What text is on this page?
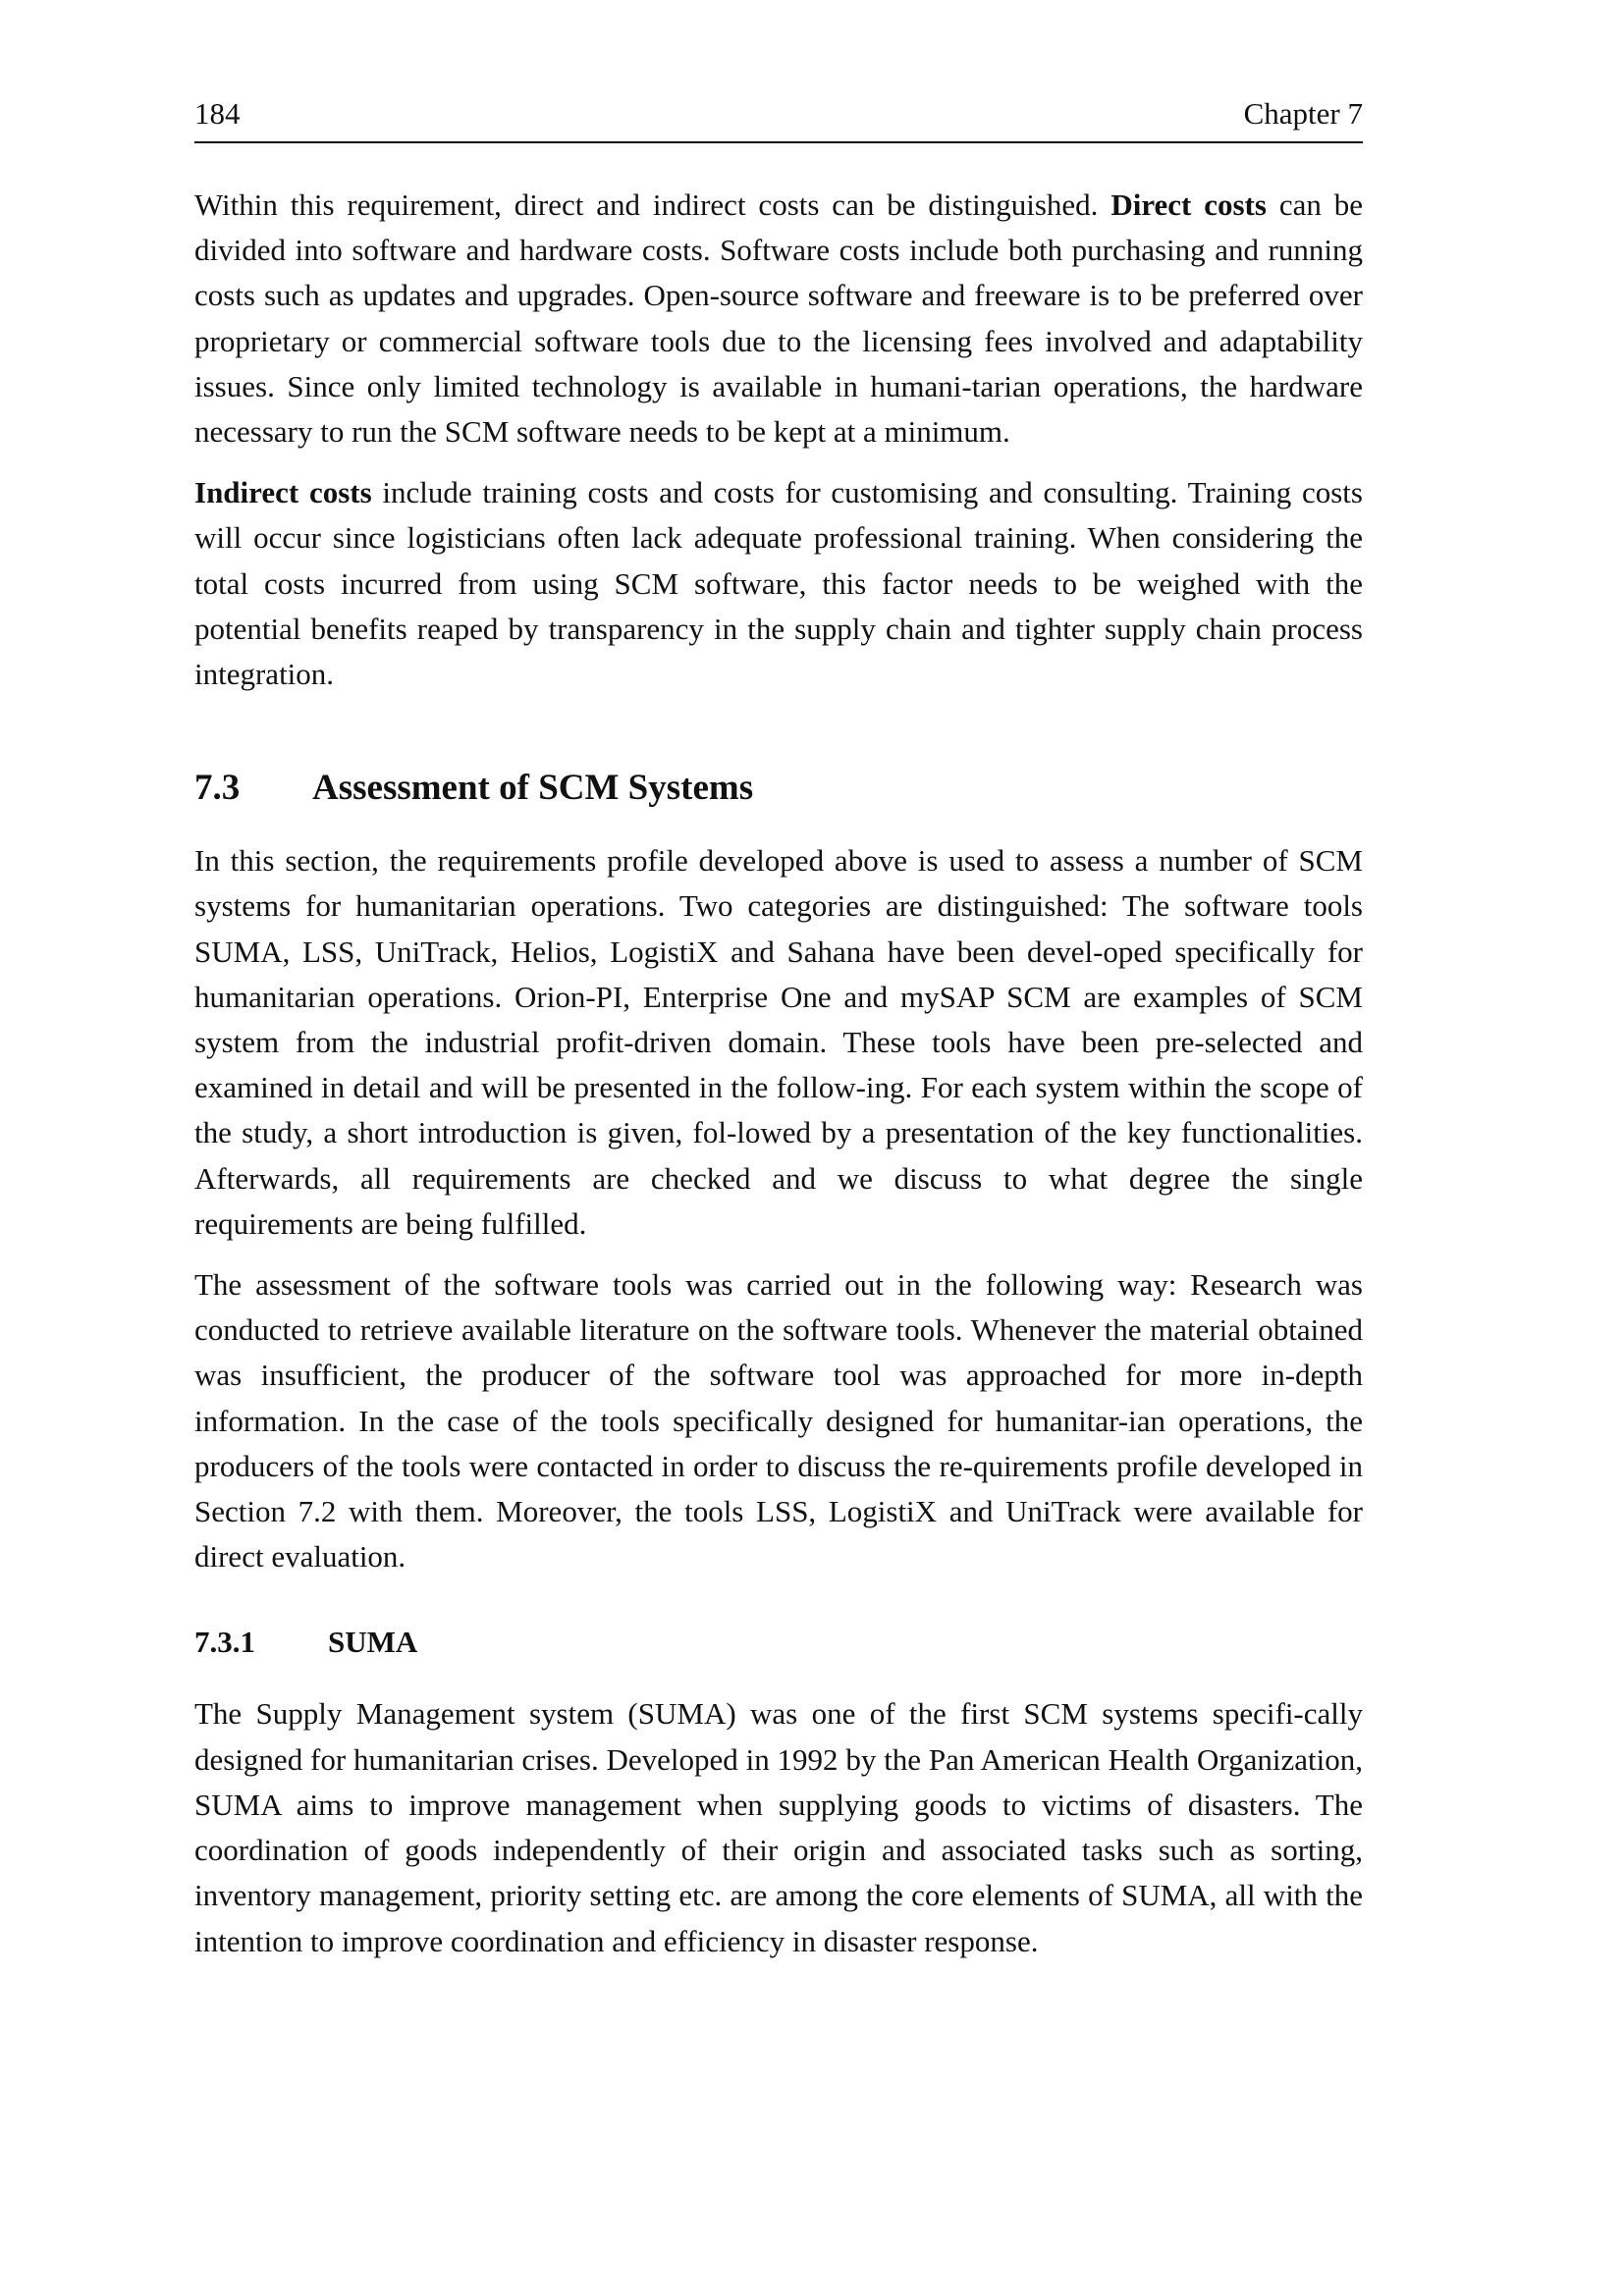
184	Chapter 7

Within this requirement, direct and indirect costs can be distinguished. Direct costs can be divided into software and hardware costs. Software costs include both purchasing and running costs such as updates and upgrades. Open-source software and freeware is to be preferred over proprietary or commercial software tools due to the licensing fees involved and adaptability issues. Since only limited technology is available in humani-tarian operations, the hardware necessary to run the SCM software needs to be kept at a minimum.

Indirect costs include training costs and costs for customising and consulting. Training costs will occur since logisticians often lack adequate professional training. When considering the total costs incurred from using SCM software, this factor needs to be weighed with the potential benefits reaped by transparency in the supply chain and tighter supply chain process integration.

7.3	Assessment of SCM Systems

In this section, the requirements profile developed above is used to assess a number of SCM systems for humanitarian operations. Two categories are distinguished: The software tools SUMA, LSS, UniTrack, Helios, LogistiX and Sahana have been devel-oped specifically for humanitarian operations. Orion-PI, Enterprise One and mySAP SCM are examples of SCM system from the industrial profit-driven domain. These tools have been pre-selected and examined in detail and will be presented in the follow-ing. For each system within the scope of the study, a short introduction is given, fol-lowed by a presentation of the key functionalities. Afterwards, all requirements are checked and we discuss to what degree the single requirements are being fulfilled.

The assessment of the software tools was carried out in the following way: Research was conducted to retrieve available literature on the software tools. Whenever the material obtained was insufficient, the producer of the software tool was approached for more in-depth information. In the case of the tools specifically designed for humanitar-ian operations, the producers of the tools were contacted in order to discuss the re-quirements profile developed in Section 7.2 with them. Moreover, the tools LSS, LogistiX and UniTrack were available for direct evaluation.

7.3.1	SUMA

The Supply Management system (SUMA) was one of the first SCM systems specifi-cally designed for humanitarian crises. Developed in 1992 by the Pan American Health Organization, SUMA aims to improve management when supplying goods to victims of disasters. The coordination of goods independently of their origin and associated tasks such as sorting, inventory management, priority setting etc. are among the core elements of SUMA, all with the intention to improve coordination and efficiency in disaster response.
